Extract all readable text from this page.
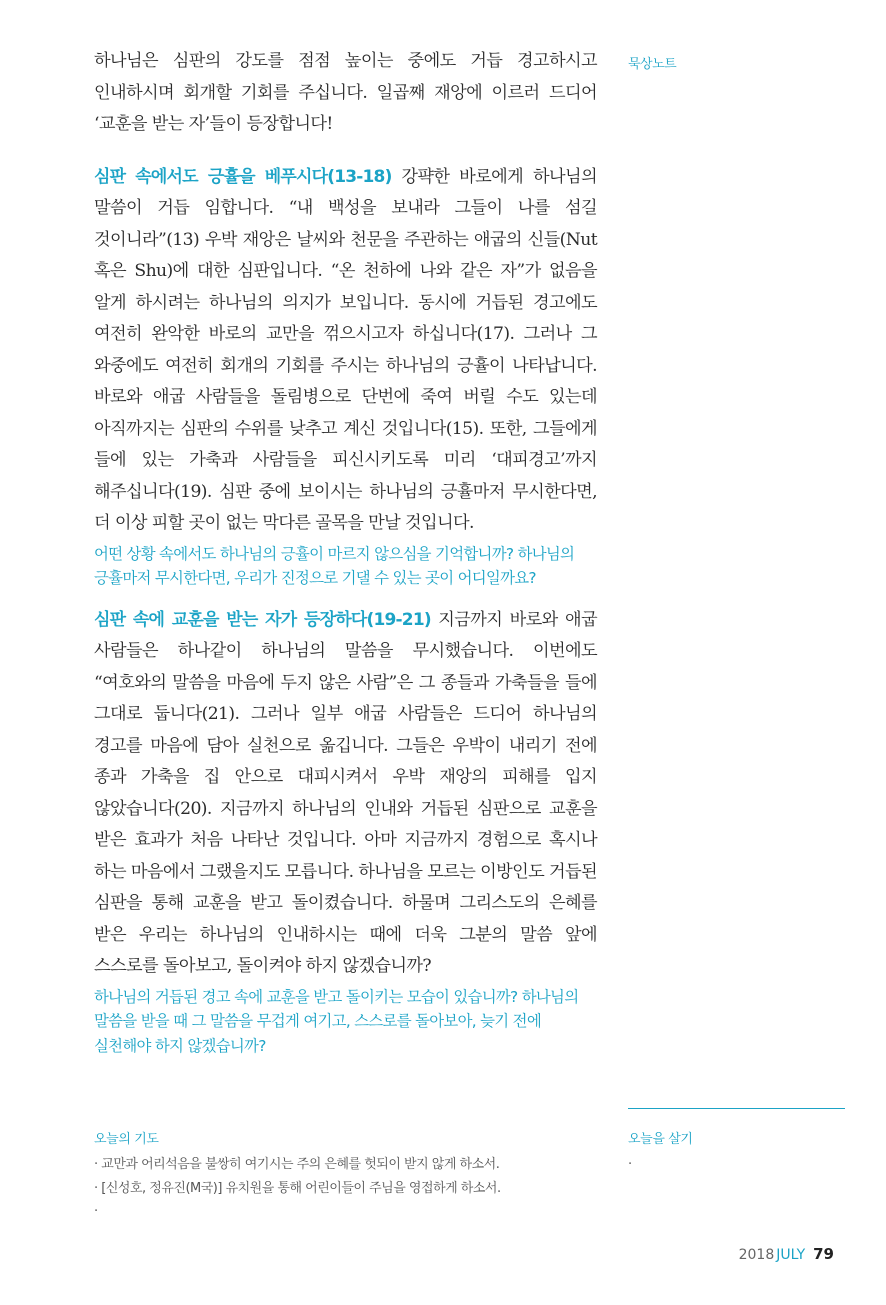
하나님은 심판의 강도를 점점 높이는 중에도 거듭 경고하시고 인내하시며 회개할 기회를 주십니다. 일곱째 재앙에 이르러 드디어 ‘교훈을 받는 자’들이 등장합니다!

심판 속에서도 긍휼을 베푸시다(13-18) 강퍅한 바로에게 하나님의 말씀이 거듭 임합니다. “내 백성을 보내라 그들이 나를 섬길 것이니라”(13) 우박 재앙은 날씨와 천문을 주관하는 애굽의 신들(Nut 혹은 Shu)에 대한 심판입니다. “온 천하에 나와 같은 자”가 없음을 알게 하시려는 하나님의 의지가 보입니다. 동시에 거듭된 경고에도 여전히 완악한 바로의 교만을 꺾으시고자 하십니다(17). 그러나 그 와중에도 여전히 회개의 기회를 주시는 하나님의 긍휼이 나타납니다. 바로와 애굽 사람들을 돌림병으로 단번에 죽여 버릴 수도 있는데 아직까지는 심판의 수위를 낮추고 계신 것입니다(15). 또한, 그들에게 들에 있는 가축과 사람들을 피신시키도록 미리 ‘대피경고’까지 해주십니다(19). 심판 중에 보이시는 하나님의 긍휼마저 무시한다면, 더 이상 피할 곳이 없는 막다른 골목을 만날 것입니다.

어떤 상황 속에서도 하나님의 긍휼이 마르지 않으심을 기억합니까? 하나님의 긍휼마저 무시한다면, 우리가 진정으로 기댈 수 있는 곳이 어디일까요?

심판 속에 교훈을 받는 자가 등장하다(19-21) 지금까지 바로와 애굽 사람들은 하나같이 하나님의 말씀을 무시했습니다. 이번에도 “여호와의 말씀을 마음에 두지 않은 사람”은 그 종들과 가축들을 들에 그대로 둡니다(21). 그러나 일부 애굽 사람들은 드디어 하나님의 경고를 마음에 담아 실천으로 옮깁니다. 그들은 우박이 내리기 전에 종과 가축을 집 안으로 대피시켜서 우박 재앙의 피해를 입지 않았습니다(20). 지금까지 하나님의 인내와 거듭된 심판으로 교훈을 받은 효과가 처음 나타난 것입니다. 아마 지금까지 경험으로 혹시나 하는 마음에서 그랬을지도 모릅니다. 하나님을 모르는 이방인도 거듭된 심판을 통해 교훈을 받고 돌이켰습니다. 하물며 그리스도의 은혜를 받은 우리는 하나님의 인내하시는 때에 더욱 그분의 말씀 앞에 스스로를 돌아보고, 돌이켜야 하지 않겠습니까?

하나님의 거듭된 경고 속에 교훈을 받고 돌이키는 모습이 있습니까? 하나님의 말씀을 받을 때 그 말씀을 무겁게 여기고, 스스로를 돌아보아, 늦기 전에 실천해야 하지 않겠습니까?

묵상노트
오늘의 기도
· 교만과 어리석음을 불쌍히 여기시는 주의 은혜를 헛되이 받지 않게 하소서.
· [신성호, 정유진(M국)] 유치원을 통해 어린이들이 주님을 영접하게 하소서.
·
오늘을 살기
·
2018 JULY 79
